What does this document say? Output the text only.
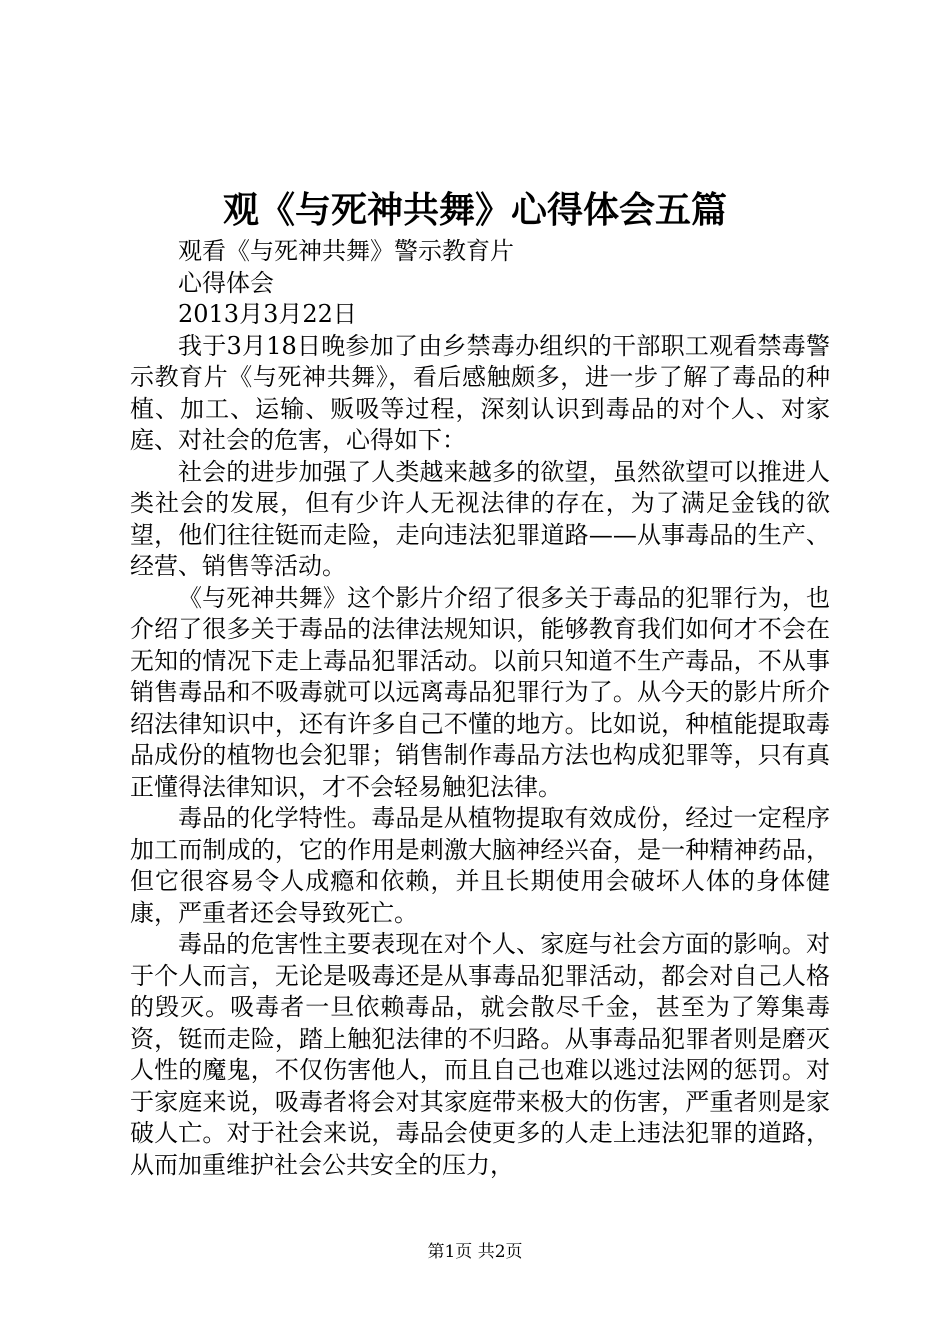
观《与死神共舞》心得体会五篇

观看《与死神共舞》警示教育片

心得体会

2013月3月22日

我于3月18日晚参加了由乡禁毒办组织的干部职工观看禁毒警示教育片《与死神共舞》，看后感触颇多，进一步了解了毒品的种植、加工、运输、贩吸等过程，深刻认识到毒品的对个人、对家庭、对社会的危害，心得如下：

社会的进步加强了人类越来越多的欲望，虽然欲望可以推进人类社会的发展，但有少许人无视法律的存在，为了满足金钱的欲望，他们往往铤而走险，走向违法犯罪道路——从事毒品的生产、经营、销售等活动。

《与死神共舞》这个影片介绍了很多关于毒品的犯罪行为，也介绍了很多关于毒品的法律法规知识，能够教育我们如何才不会在无知的情况下走上毒品犯罪活动。以前只知道不生产毒品，不从事销售毒品和不吸毒就可以远离毒品犯罪行为了。从今天的影片所介绍法律知识中，还有许多自己不懂的地方。比如说，种植能提取毒品成份的植物也会犯罪；销售制作毒品方法也构成犯罪等，只有真正懂得法律知识，才不会轻易触犯法律。

毒品的化学特性。毒品是从植物提取有效成份，经过一定程序加工而制成的，它的作用是刺激大脑神经兴奋，是一种精神药品，但它很容易令人成瘾和依赖，并且长期使用会破坏人体的身体健康，严重者还会导致死亡。

毒品的危害性主要表现在对个人、家庭与社会方面的影响。对于个人而言，无论是吸毒还是从事毒品犯罪活动，都会对自己人格的毁灭。吸毒者一旦依赖毒品，就会散尽千金，甚至为了筹集毒资，铤而走险，踏上触犯法律的不归路。从事毒品犯罪者则是磨灭人性的魔鬼，不仅伤害他人，而且自己也难以逃过法网的惩罚。对于家庭来说，吸毒者将会对其家庭带来极大的伤害，严重者则是家破人亡。对于社会来说，毒品会使更多的人走上违法犯罪的道路，从而加重维护社会公共安全的压力，

第1页 共2页
